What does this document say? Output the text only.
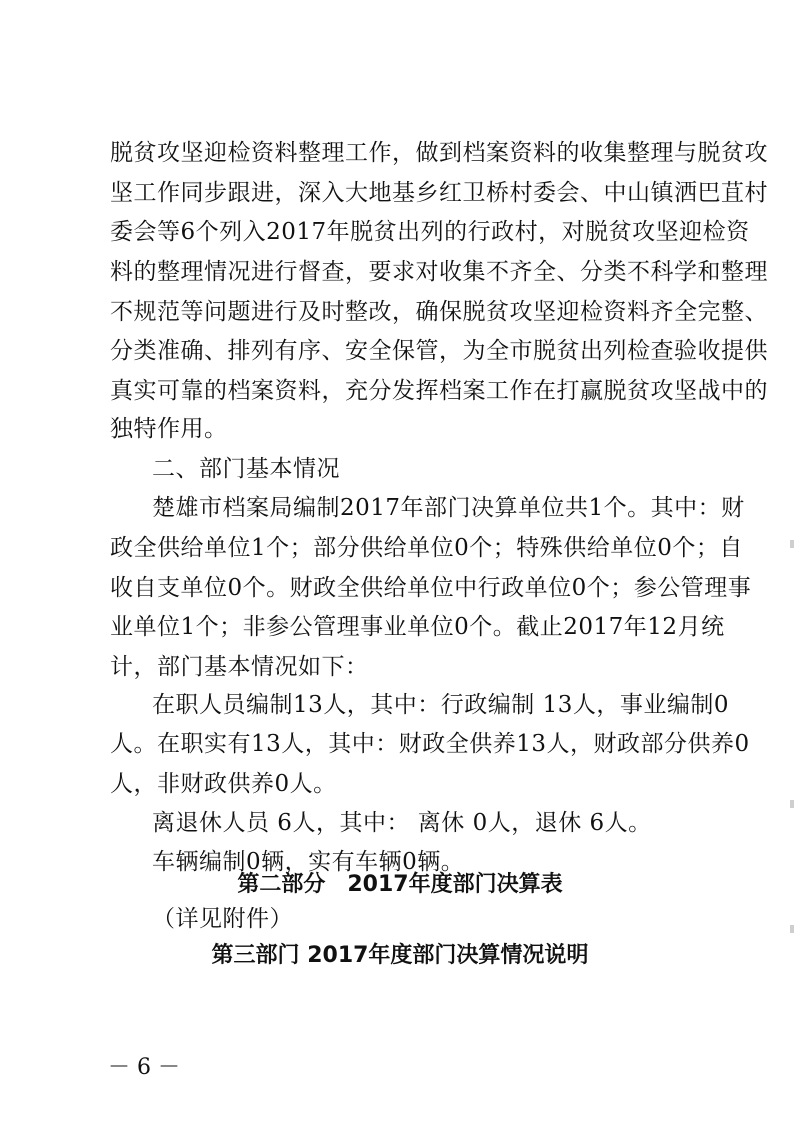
脱贫攻坚迎检资料整理工作，做到档案资料的收集整理与脱贫攻
坚工作同步跟进，深入大地基乡红卫桥村委会、中山镇洒巴苴村
委会等6个列入2017年脱贫出列的行政村，对脱贫攻坚迎检资
料的整理情况进行督查，要求对收集不齐全、分类不科学和整理
不规范等问题进行及时整改，确保脱贫攻坚迎检资料齐全完整、
分类准确、排列有序、安全保管，为全市脱贫出列检查验收提供
真实可靠的档案资料，充分发挥档案工作在打赢脱贫攻坚战中的
独特作用。
二、部门基本情况
楚雄市档案局编制2017年部门决算单位共1个。其中：财
政全供给单位1个；部分供给单位0个；特殊供给单位0个；自
收自支单位0个。财政全供给单位中行政单位0个；参公管理事
业单位1个；非参公管理事业单位0个。截止2017年12月统
计，部门基本情况如下：
在职人员编制13人，其中：行政编制 13人，事业编制0
人。在职实有13人，其中：财政全供养13人，财政部分供养0
人，非财政供养0人。
离退休人员 6人，其中： 离休 0人，退休 6人。
车辆编制0辆，实有车辆0辆。
第二部分　2017年度部门决算表
（详见附件）
第三部门 2017年度部门决算情况说明
－ 6 －
